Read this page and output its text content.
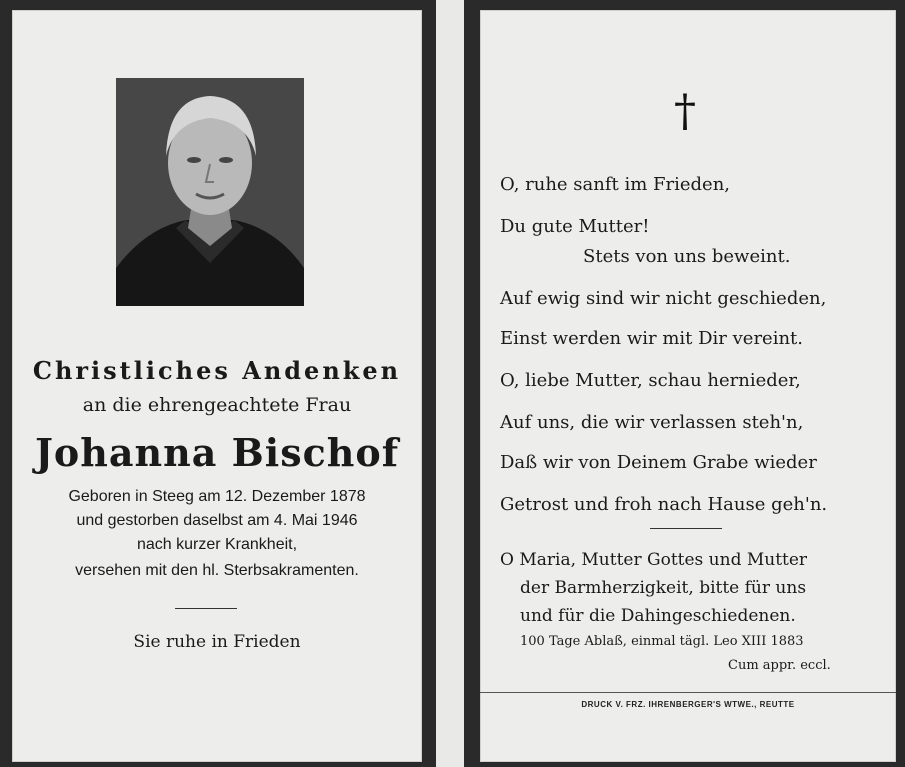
Christliches Andenken
an die ehrengeachtete Frau
Johanna Bischof
Geboren in Steeg am 12. Dezember 1878
und gestorben daselbst am 4. Mai 1946
nach kurzer Krankheit,
versehen mit den hl. Sterbsakramenten.
Sie ruhe in Frieden
†
O, ruhe sanft im Frieden,
Du gute Mutter!
Stets von uns beweint.
Auf ewig sind wir nicht geschieden,
Einst werden wir mit Dir vereint.
O, liebe Mutter, schau hernieder,
Auf uns, die wir verlassen steh'n,
Daß wir von Deinem Grabe wieder
Getrost und froh nach Hause geh'n.
O Maria, Mutter Gottes und Mutter
der Barmherzigkeit, bitte für uns
und für die Dahingeschiedenen.
100 Tage Ablaß, einmal tägl. Leo XIII 1883
Cum appr. eccl.
DRUCK V. FRZ. IHRENBERGER'S WTWE., REUTTE
